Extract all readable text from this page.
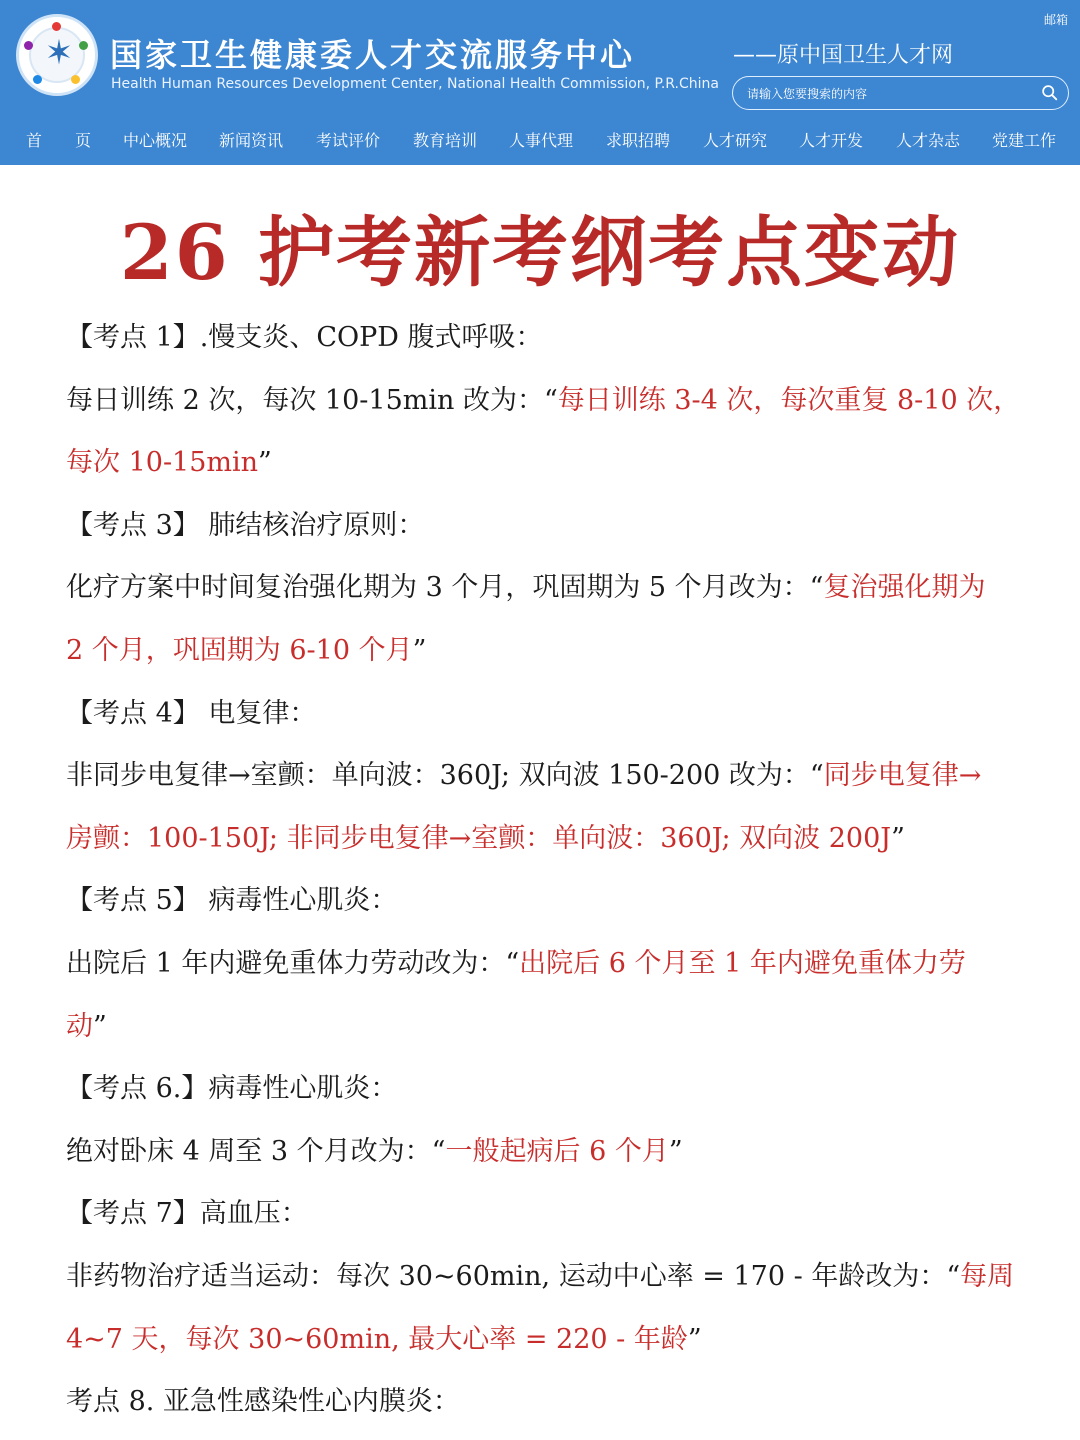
✶	国家卫生健康委人才交流服务中心
Health Human Resources Development Center, National Health Commission, P.R.China
邮箱
——原中国卫生人才网
请输入您要搜索的内容
首 页 中心概况 新闻资讯 考试评价 教育培训 人事代理 求职招聘 人才研究 人才开发 人才杂志 党建工作
26 护考新考纲考点变动
【考点 1】.慢支炎、COPD 腹式呼吸：
每日训练 2 次，每次 10-15min 改为：“每日训练 3-4 次，每次重复 8-10 次，
每次 10-15min”
【考点 3】 肺结核治疗原则：
化疗方案中时间复治强化期为 3 个月，巩固期为 5 个月改为：“复治强化期为
2 个月，巩固期为 6-10 个月”
【考点 4】 电复律：
非同步电复律→室颤：单向波：360J; 双向波 150-200 改为：“同步电复律→
房颤：100-150J; 非同步电复律→室颤：单向波：360J; 双向波 200J”
【考点 5】 病毒性心肌炎：
出院后 1 年内避免重体力劳动改为：“出院后 6 个月至 1 年内避免重体力劳
动”
【考点 6.】病毒性心肌炎：
绝对卧床 4 周至 3 个月改为：“一般起病后 6 个月”
【考点 7】高血压：
非药物治疗适当运动：每次 30~60min, 运动中心率 = 170 - 年龄改为：“每周
4~7 天，每次 30~60min, 最大心率 = 220 - 年龄”
考点 8. 亚急性感染性心内膜炎：
